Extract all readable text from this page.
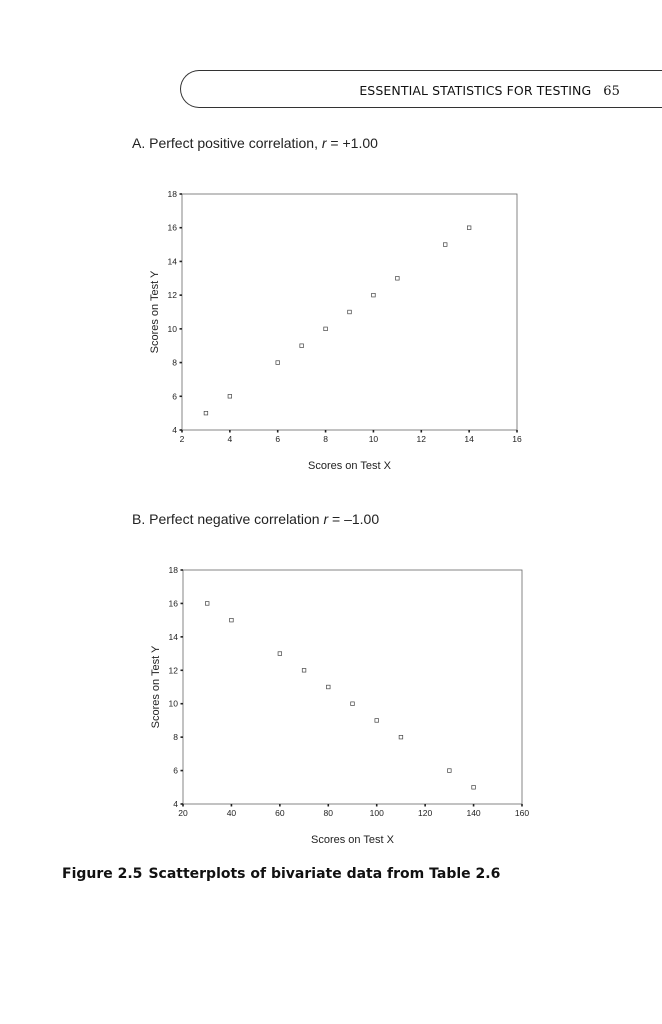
ESSENTIAL STATISTICS FOR TESTING 65
A. Perfect positive correlation, r = +1.00
2	4	6	8	10	12	14	16
4
6
8
10
12
14
16
18
Scores on Test X
Scores on Test Y
B. Perfect negative correlation r = –1.00
20	40	60	80	100	120	140	160
4
6
8
10
12
14
16
18
Scores on Test X
Scores on Test Y
Figure 2.5 Scatterplots of bivariate data from Table 2.6
